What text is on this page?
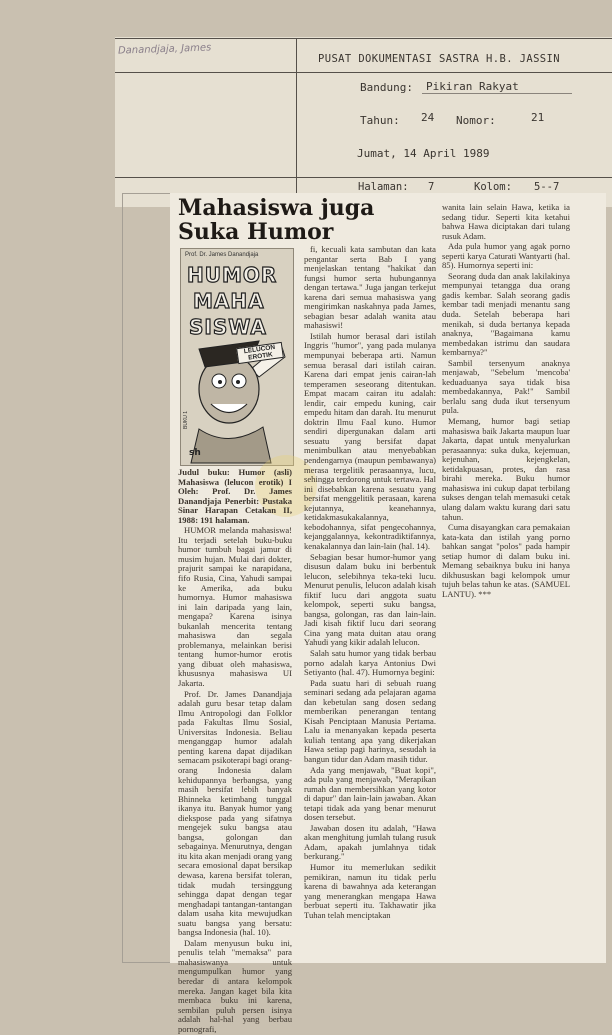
Danandjaja, James
PUSAT DOKUMENTASI SASTRA H.B. JASSIN
Bandung: Pikiran Rakyat
Tahun: 24 Nomor:	21
Jumat, 14 April 1989
Halaman: 7	Kolom: 5--7
Mahasiswa juga
Suka Humor
Prof. Dr. James Danandjaja
BUKU 1
sh
HUMOR
MAHA
SISWA
LELUCON EROTIK

Judul buku: Humor (asli) Mahasiswa (lelucon erotik) I Oleh: Prof. Dr. James Danandjaja Penerbit: Pustaka Sinar Harapan Cetakan II, 1988: 191 halaman.

HUMOR melanda mahasiswa! Itu terjadi setelah buku-buku humor tumbuh bagai jamur di musim hujan. Mulai dari dokter, prajurit sampai ke narapidana, fifo Rusia, Cina, Yahudi sampai ke Amerika, ada buku humornya. Humor mahasiswa ini lain daripada yang lain, mengapa? Karena isinya bukanlah mencerita tentang mahasiswa dan segala problemanya, melainkan berisi tentang humor-humor erotis yang dibuat oleh mahasiswa, khususnya mahasiswa UI Jakarta.

Prof. Dr. James Danandjaja adalah guru besar tetap dalam Ilmu Antropologi dan Folklor pada Fakultas Ilmu Sosial, Universitas Indonesia. Beliau menganggap humor adalah penting karena dapat dijadikan semacam psikoterapi bagi orang-orang Indonesia dalam kehidupannya berbangsa, yang masih bersifat lebih banyak Bhinneka ketimbang tunggal ikanya itu. Banyak humor yang diekspose pada yang sifatnya mengejek suku bangsa atau bangsa, golongan dan sebagainya. Menurutnya, dengan itu kita akan menjadi orang yang secara emosional dapat bersikap dewasa, karena bersifat toleran, tidak mudah tersinggung sehingga dapat dengan tegar menghadapi tantangan-tantangan dalam usaha kita mewujudkan suatu bangsa yang bersatu: bangsa Indonesia (hal. 10).

Dalam menyusun buku ini, penulis telah "memaksa" para mahasiswanya untuk mengumpulkan humor yang beredar di antara kelompok mereka. Jangan kaget bila kita membaca buku ini karena, sembilan puluh persen isinya adalah hal-hal yang berbau pornografi,

fi, kecuali kata sambutan dan kata pengantar serta Bab I yang menjelaskan tentang "hakikat dan fungsi humor serta hubungannya dengan tertawa." Juga jangan terkejut karena dari semua mahasiswa yang mengirimkan naskahnya pada James, sebagian besar adalah wanita atau mahasiswi!

Istilah humor berasal dari istilah Inggris "humor", yang pada mulanya mempunyai beberapa arti. Namun semua berasal dari istilah cairan. Karena dari empat jenis cairan-lah temperamen seseorang ditentukan. Empat macam cairan itu adalah: lendir, cair empedu kuning, cair empedu hitam dan darah. Itu menurut doktrin Ilmu Faal kuno. Humor sendiri dipergunakan dalam arti sesuatu yang bersifat dapat menimbulkan atau menyebabkan pendengarnya (maupun pembawanya) merasa tergelitik perasaannya, lucu, sehingga terdorong untuk tertawa. Hal ini disebabkan karena sesuatu yang bersifat menggelitik perasaan, karena kejutannya, keanehannya, ketidakmasukakalannya, kebodohannya, sifat pengecohannya, kejanggalannya, kekontradiktifannya, kenakalannya dan lain-lain (hal. 14).

Sebagian besar humor-humor yang disusun dalam buku ini berbentuk lelucon, selebihnya teka-teki lucu. Menurut penulis, lelucon adalah kisah fiktif lucu dari anggota suatu kelompok, seperti suku bangsa, bangsa, golongan, ras dan lain-lain. Jadi kisah fiktif lucu dari seorang Cina yang mata duitan atau orang Yahudi yang kikir adalah lelucon.

Salah satu humor yang tidak berbau porno adalah karya Antonius Dwi Setiyanto (hal. 47). Humornya begini:

Pada suatu hari di sebuah ruang seminari sedang ada pelajaran agama dan kebetulan sang dosen sedang memberikan penerangan tentang Kisah Penciptaan Manusia Pertama. Lalu ia menanyakan kepada peserta kuliah tentang apa yang dikerjakan Hawa setiap pagi harinya, sesudah ia bangun tidur dan Adam masih tidur.

Ada yang menjawab, "Buat kopi", ada pula yang menjawab, "Merapikan rumah dan membersihkan yang kotor di dapur" dan lain-lain jawaban. Akan tetapi tidak ada yang benar menurut dosen tersebut.

Jawaban dosen itu adalah, "Hawa akan menghitung jumlah tulang rusuk Adam, apakah jumlahnya tidak berkurang."

Humor itu memerlukan sedikit pemikiran, namun itu tidak perlu karena di bawahnya ada keterangan yang menerangkan mengapa Hawa berbuat seperti itu. Takhawatir jika Tuhan telah menciptakan

wanita lain selain Hawa, ketika ia sedang tidur. Seperti kita ketahui bahwa Hawa diciptakan dari tulang rusuk Adam.

Ada pula humor yang agak porno seperti karya Caturati Wantyarti (hal. 85). Humornya seperti ini:

Seorang duda dan anak lakilakinya mempunyai tetangga dua orang gadis kembar. Salah seorang gadis kembar tadi menjadi menantu sang duda. Setelah beberapa hari menikah, si duda bertanya kepada anaknya, "Bagaimana kamu membedakan istrimu dan saudara kembarnya?"

Sambil tersenyum anaknya menjawab, "Sebelum 'mencoba' keduaduanya saya tidak bisa membedakannya, Pak!" Sambil berlalu sang duda ikut tersenyum pula.

Memang, humor bagi setiap mahasiswa baik Jakarta maupun luar Jakarta, dapat untuk menyalurkan perasaannya: suka duka, kejemuan, kejenuhan, kejengkelan, ketidakpuasan, protes, dan rasa birahi mereka. Buku humor mahasiswa ini cukup dapat terbilang sukses dengan telah memasuki cetak ulang dalam waktu kurang dari satu tahun.

Cuma disayangkan cara pemakaian kata-kata dan istilah yang porno bahkan sangat "polos" pada hampir setiap humor di dalam buku ini. Memang sebaiknya buku ini hanya dikhususkan bagi kelompok umur tujuh belas tahun ke atas. (SAMUEL LANTU). ***
